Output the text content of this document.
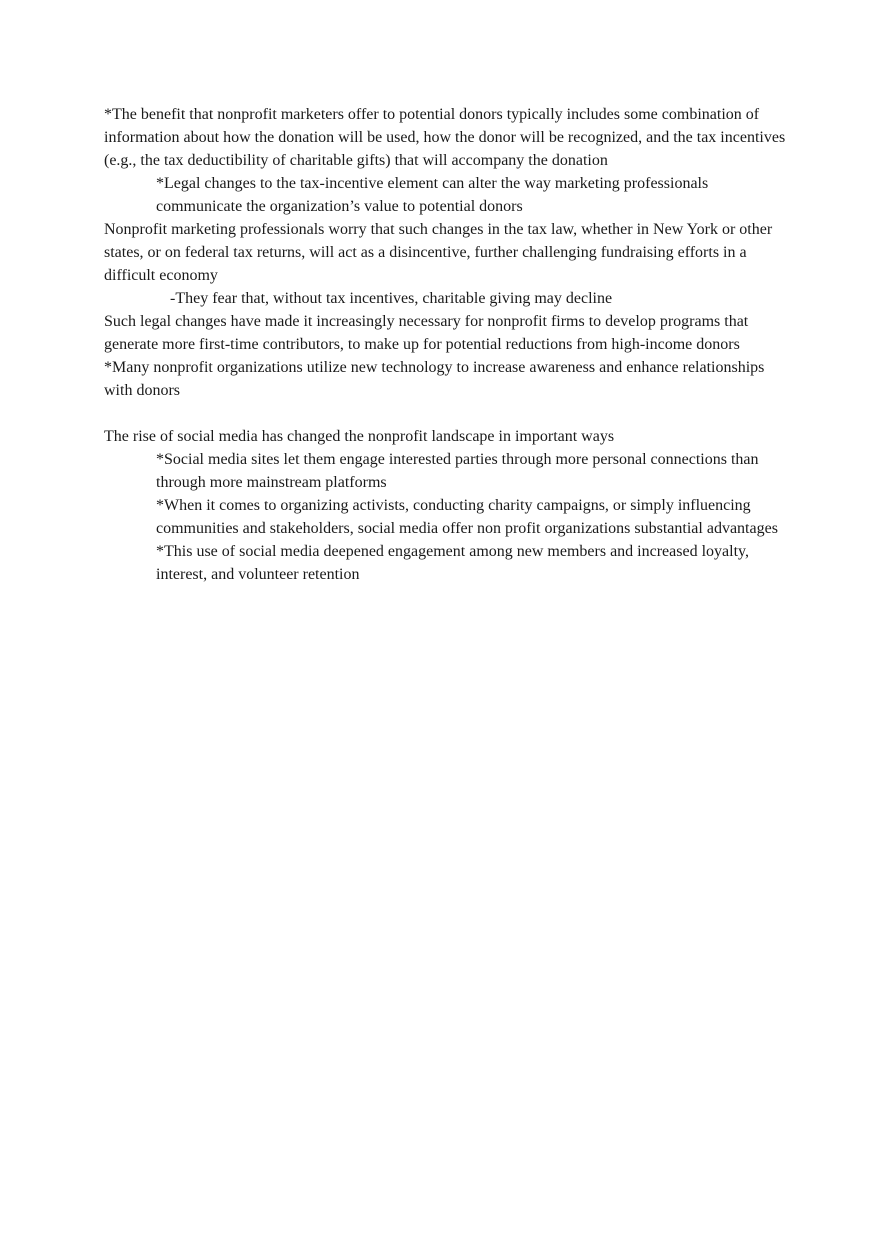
*The benefit that nonprofit marketers offer to potential donors typically includes some combination of information about how the donation will be used, how the donor will be recognized, and the tax incentives (e.g., the tax deductibility of charitable gifts) that will accompany the donation

*Legal changes to the tax-incentive element can alter the way marketing professionals communicate the organization’s value to potential donors

Nonprofit marketing professionals worry that such changes in the tax law, whether in New York or other states, or on federal tax returns, will act as a disincentive, further challenging fundraising efforts in a difficult economy

-They fear that, without tax incentives, charitable giving may decline

Such legal changes have made it increasingly necessary for nonprofit firms to develop programs that generate more first-time contributors, to make up for potential reductions from high-income donors

*Many nonprofit organizations utilize new technology to increase awareness and enhance relationships with donors

The rise of social media has changed the nonprofit landscape in important ways

*Social media sites let them engage interested parties through more personal connections than through more mainstream platforms

*When it comes to organizing activists, conducting charity campaigns, or simply influencing communities and stakeholders, social media offer non profit organizations substantial advantages

*This use of social media deepened engagement among new members and increased loyalty, interest, and volunteer retention
